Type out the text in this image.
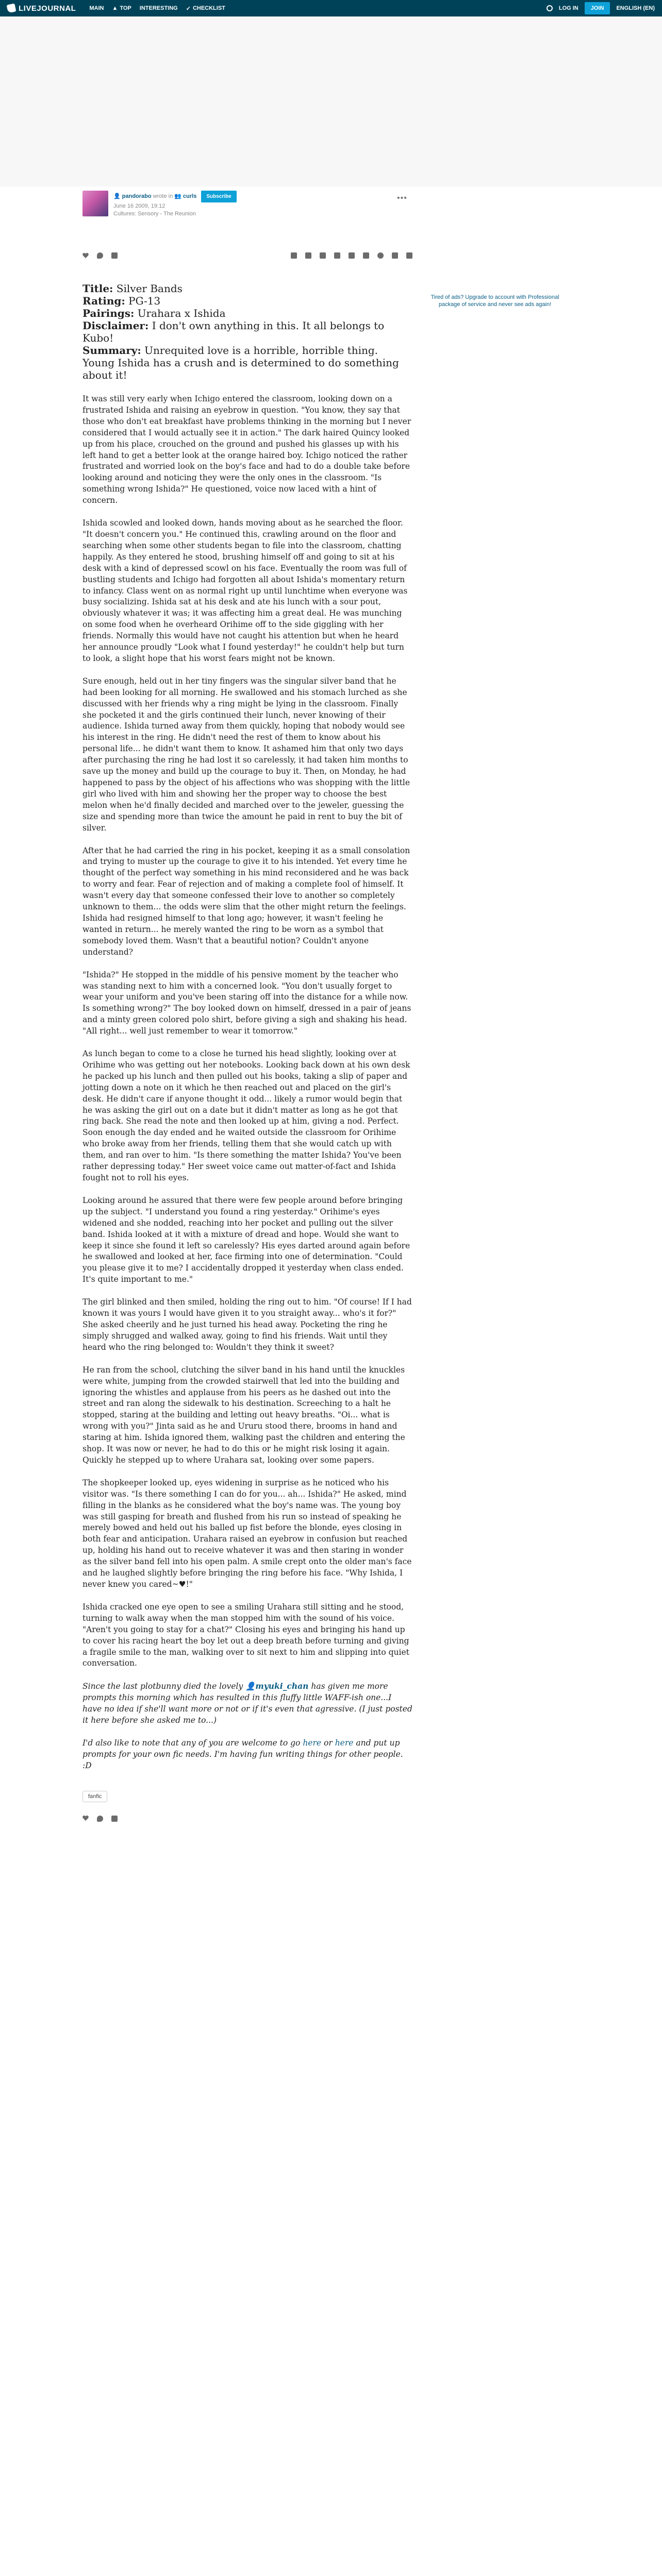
LIVEJOURNAL MAIN ▲ TOP INTERESTING ✓ CHECKLIST	LOG IN	JOIN	ENGLISH (EN)
👤 pandorabo wrote in 👥 curls Subscribe
June 16 2009, 19:12
Cultures: Sensory - The Reunion
•••
Title: Silver Bands
Rating: PG-13
Pairings: Urahara x Ishida
Disclaimer: I don't own anything in this. It all belongs to Kubo!
Summary: Unrequited love is a horrible, horrible thing. Young Ishida has a crush and is determined to do something about it!

It was still very early when Ichigo entered the classroom, looking down on a frustrated Ishida and raising an eyebrow in question. "You know, they say that those who don't eat breakfast have problems thinking in the morning but I never considered that I would actually see it in action." The dark haired Quincy looked up from his place, crouched on the ground and pushed his glasses up with his left hand to get a better look at the orange haired boy. Ichigo noticed the rather frustrated and worried look on the boy's face and had to do a double take before looking around and noticing they were the only ones in the classroom. "Is something wrong Ishida?" He questioned, voice now laced with a hint of concern.

Ishida scowled and looked down, hands moving about as he searched the floor. "It doesn't concern you." He continued this, crawling around on the floor and searching when some other students began to file into the classroom, chatting happily. As they entered he stood, brushing himself off and going to sit at his desk with a kind of depressed scowl on his face. Eventually the room was full of bustling students and Ichigo had forgotten all about Ishida's momentary return to infancy. Class went on as normal right up until lunchtime when everyone was busy socializing. Ishida sat at his desk and ate his lunch with a sour pout, obviously whatever it was; it was affecting him a great deal. He was munching on some food when he overheard Orihime off to the side giggling with her friends. Normally this would have not caught his attention but when he heard her announce proudly "Look what I found yesterday!" he couldn't help but turn to look, a slight hope that his worst fears might not be known.

Sure enough, held out in her tiny fingers was the singular silver band that he had been looking for all morning. He swallowed and his stomach lurched as she discussed with her friends why a ring might be lying in the classroom. Finally she pocketed it and the girls continued their lunch, never knowing of their audience. Ishida turned away from them quickly, hoping that nobody would see his interest in the ring. He didn't need the rest of them to know about his personal life... he didn't want them to know. It ashamed him that only two days after purchasing the ring he had lost it so carelessly, it had taken him months to save up the money and build up the courage to buy it. Then, on Monday, he had happened to pass by the object of his affections who was shopping with the little girl who lived with him and showing her the proper way to choose the best melon when he'd finally decided and marched over to the jeweler, guessing the size and spending more than twice the amount he paid in rent to buy the bit of silver.

After that he had carried the ring in his pocket, keeping it as a small consolation and trying to muster up the courage to give it to his intended. Yet every time he thought of the perfect way something in his mind reconsidered and he was back to worry and fear. Fear of rejection and of making a complete fool of himself. It wasn't every day that someone confessed their love to another so completely unknown to them... the odds were slim that the other might return the feelings. Ishida had resigned himself to that long ago; however, it wasn't feeling he wanted in return... he merely wanted the ring to be worn as a symbol that somebody loved them. Wasn't that a beautiful notion? Couldn't anyone understand?

"Ishida?" He stopped in the middle of his pensive moment by the teacher who was standing next to him with a concerned look. "You don't usually forget to wear your uniform and you've been staring off into the distance for a while now. Is something wrong?" The boy looked down on himself, dressed in a pair of jeans and a minty green colored polo shirt, before giving a sigh and shaking his head. "All right... well just remember to wear it tomorrow."

As lunch began to come to a close he turned his head slightly, looking over at Orihime who was getting out her notebooks. Looking back down at his own desk he packed up his lunch and then pulled out his books, taking a slip of paper and jotting down a note on it which he then reached out and placed on the girl's desk. He didn't care if anyone thought it odd... likely a rumor would begin that he was asking the girl out on a date but it didn't matter as long as he got that ring back. She read the note and then looked up at him, giving a nod. Perfect. Soon enough the day ended and he waited outside the classroom for Orihime who broke away from her friends, telling them that she would catch up with them, and ran over to him. "Is there something the matter Ishida? You've been rather depressing today." Her sweet voice came out matter-of-fact and Ishida fought not to roll his eyes.

Looking around he assured that there were few people around before bringing up the subject. "I understand you found a ring yesterday." Orihime's eyes widened and she nodded, reaching into her pocket and pulling out the silver band. Ishida looked at it with a mixture of dread and hope. Would she want to keep it since she found it left so carelessly? His eyes darted around again before he swallowed and looked at her, face firming into one of determination. "Could you please give it to me? I accidentally dropped it yesterday when class ended. It's quite important to me."

The girl blinked and then smiled, holding the ring out to him. "Of course! If I had known it was yours I would have given it to you straight away... who's it for?" She asked cheerily and he just turned his head away. Pocketing the ring he simply shrugged and walked away, going to find his friends. Wait until they heard who the ring belonged to: Wouldn't they think it sweet?

He ran from the school, clutching the silver band in his hand until the knuckles were white, jumping from the crowded stairwell that led into the building and ignoring the whistles and applause from his peers as he dashed out into the street and ran along the sidewalk to his destination. Screeching to a halt he stopped, staring at the building and letting out heavy breaths. "Oi... what is wrong with you?" Jinta said as he and Ururu stood there, brooms in hand and staring at him. Ishida ignored them, walking past the children and entering the shop. It was now or never, he had to do this or he might risk losing it again. Quickly he stepped up to where Urahara sat, looking over some papers.

The shopkeeper looked up, eyes widening in surprise as he noticed who his visitor was. "Is there something I can do for you... ah... Ishida?" He asked, mind filling in the blanks as he considered what the boy's name was. The young boy was still gasping for breath and flushed from his run so instead of speaking he merely bowed and held out his balled up fist before the blonde, eyes closing in both fear and anticipation. Urahara raised an eyebrow in confusion but reached up, holding his hand out to receive whatever it was and then staring in wonder as the silver band fell into his open palm. A smile crept onto the older man's face and he laughed slightly before bringing the ring before his face. "Why Ishida, I never knew you cared~♥!"

Ishida cracked one eye open to see a smiling Urahara still sitting and he stood, turning to walk away when the man stopped him with the sound of his voice. "Aren't you going to stay for a chat?" Closing his eyes and bringing his hand up to cover his racing heart the boy let out a deep breath before turning and giving a fragile smile to the man, walking over to sit next to him and slipping into quiet conversation.

Since the last plotbunny died the lovely 👤myuki_chan has given me more prompts this morning which has resulted in this fluffy little WAFF-ish one...I have no idea if she'll want more or not or if it's even that agressive. (I just posted it here before she asked me to...)

I'd also like to note that any of you are welcome to go here or here and put up prompts for your own fic needs. I'm having fun writing things for other people. :D

fanfic
Tired of ads? Upgrade to account with Professional package of service and never see ads again!
